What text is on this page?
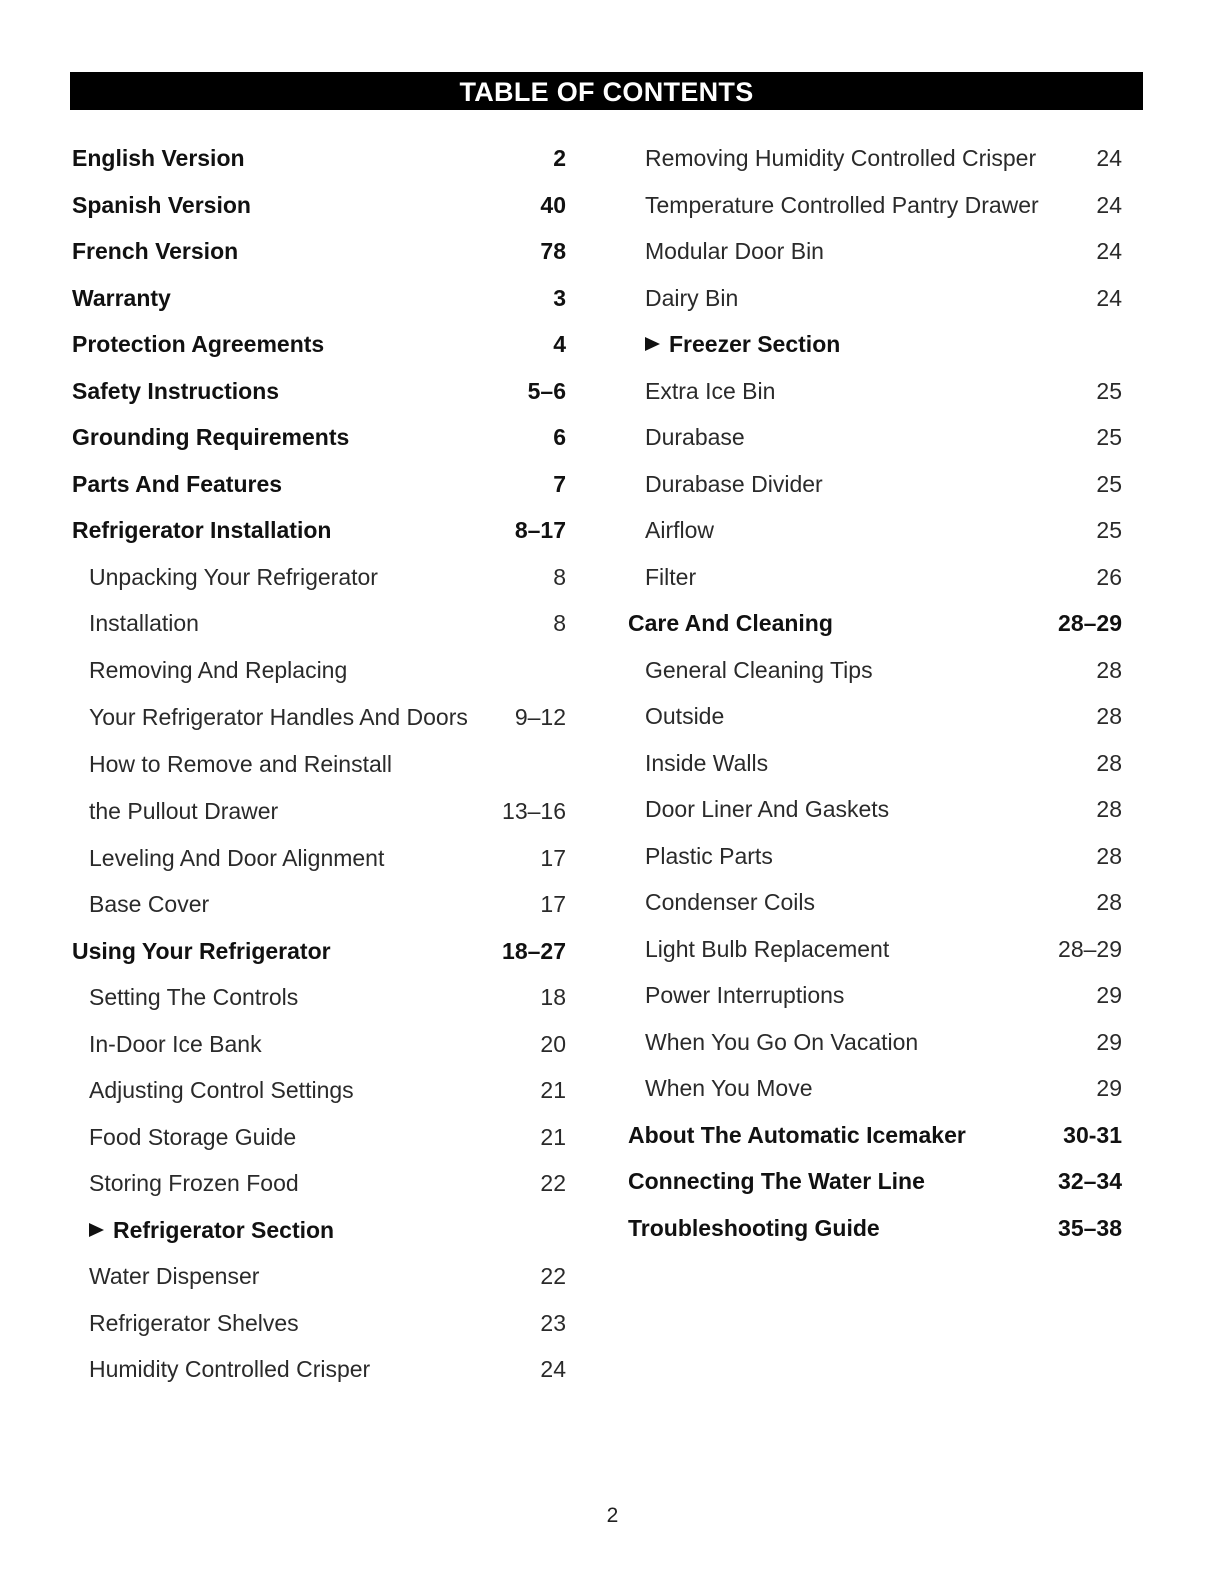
TABLE OF CONTENTS
English Version	2
Spanish Version	40
French Version	78
Warranty	3
Protection Agreements	4
Safety Instructions	5–6
Grounding Requirements	6
Parts And Features	7
Refrigerator Installation	8–17
Unpacking Your Refrigerator	8
Installation	8
Removing And Replacing

Your Refrigerator Handles And Doors	9–12
How to Remove and Reinstall

the Pullout Drawer	13–16
Leveling And Door Alignment	17
Base Cover	17
Using Your Refrigerator	18–27
Setting The Controls	18
In-Door Ice Bank	20
Adjusting Control Settings	21
Food Storage Guide	21
Storing Frozen Food	22
Refrigerator Section
Water Dispenser	22
Refrigerator Shelves	23
Humidity Controlled Crisper	24
Removing Humidity Controlled Crisper	24
Temperature Controlled Pantry Drawer	24
Modular Door Bin	24
Dairy Bin	24
Freezer Section
Extra Ice Bin	25
Durabase	25
Durabase Divider	25
Airflow	25
Filter	26
Care And Cleaning	28–29
General Cleaning Tips	28
Outside	28
Inside Walls	28
Door Liner And Gaskets	28
Plastic Parts	28
Condenser Coils	28
Light Bulb Replacement	28–29
Power Interruptions	29
When You Go On Vacation	29
When You Move	29
About The Automatic Icemaker	30-31
Connecting The Water Line	32–34
Troubleshooting Guide	35–38
2
